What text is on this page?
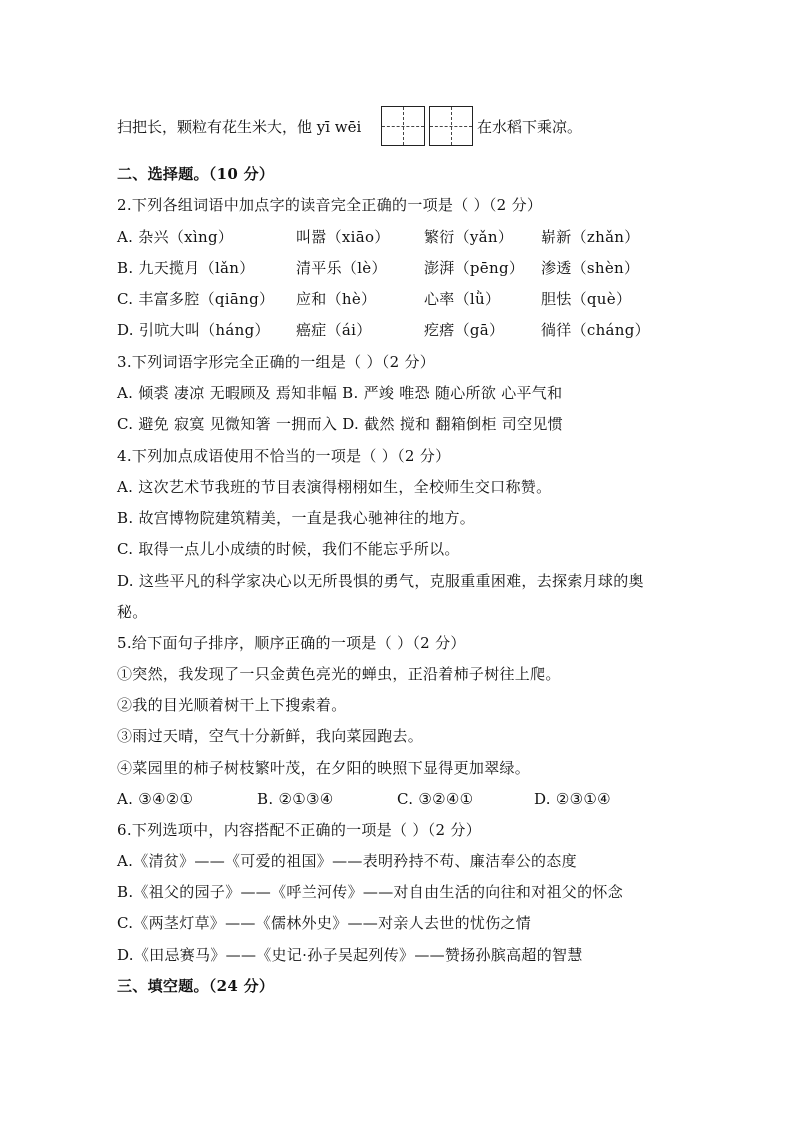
扫把长，颗粒有花生米大，他 yī wēi	在水稻下乘凉。
二、选择题。（10 分）
2.下列各组词语中加点字的读音完全正确的一项是（ ）（2 分）
A. 杂兴（xìng）	叫嚣（xiāo） 繁衍（yǎn） 崭新（zhǎn）
B. 九天揽月（lǎn）	清平乐（lè） 澎湃（pēng） 渗透（shèn）
C. 丰富多腔（qiāng） 应和（hè）	心率（lǜ）	胆怯（què）
D. 引吭大叫（háng） 癌症（ái）	疙瘩（gā） 徜徉（cháng）
3.下列词语字形完全正确的一组是（ ）（2 分）
A. 倾裘 凄凉 无暇顾及 焉知非幅 B. 严竣 唯恐 随心所欲 心平气和
C. 避免 寂寞 见微知箸 一拥而入 D. 截然 搅和 翻箱倒柜 司空见惯
4.下列加点成语使用不恰当的一项是（ ）（2 分）
A. 这次艺术节我班的节目表演得栩栩如生，全校师生交口称赞。
B. 故宫博物院建筑精美，一直是我心驰神往的地方。
C. 取得一点儿小成绩的时候，我们不能忘乎所以。
D. 这些平凡的科学家决心以无所畏惧的勇气，克服重重困难，去探索月球的奥
秘。
5.给下面句子排序，顺序正确的一项是（ ）（2 分）
①突然，我发现了一只金黄色亮光的蝉虫，正沿着柿子树往上爬。
②我的目光顺着树干上下搜索着。
③雨过天晴，空气十分新鲜，我向菜园跑去。
④菜园里的柿子树枝繁叶茂，在夕阳的映照下显得更加翠绿。
A. ③④②①	B. ②①③④	C. ③②④①	D. ②③①④
6.下列选项中，内容搭配不正确的一项是（ ）（2 分）
A.《清贫》——《可爱的祖国》——表明矜持不苟、廉洁奉公的态度
B.《祖父的园子》——《呼兰河传》——对自由生活的向往和对祖父的怀念
C.《两茎灯草》——《儒林外史》——对亲人去世的忧伤之情
D.《田忌赛马》——《史记·孙子吴起列传》——赞扬孙膑高超的智慧
三、填空题。（24 分）
